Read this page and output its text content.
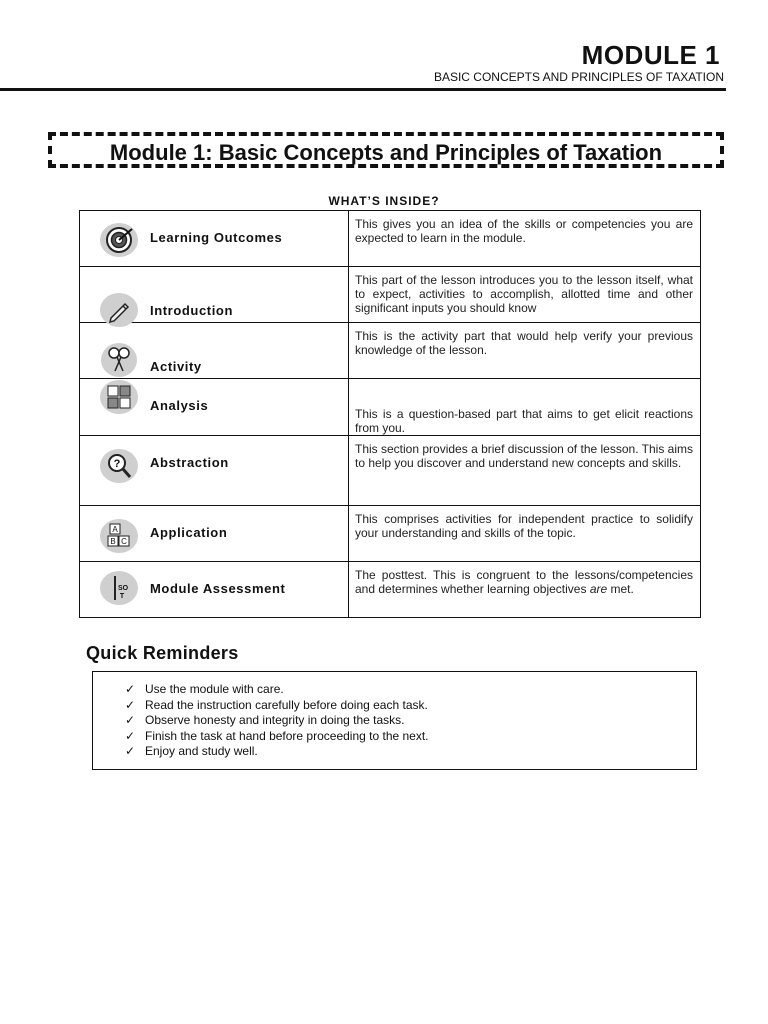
MODULE 1
BASIC CONCEPTS AND PRINCIPLES OF TAXATION
Module 1: Basic Concepts and Principles of Taxation
WHAT’S INSIDE?
Learning Outcomes	This gives you an idea of the skills or competencies you are expected to learn in the module.

Introduction	This part of the lesson introduces you to the lesson itself, what to expect, activities to accomplish, allotted time and other significant inputs you should know

Activity	This is the activity part that would help verify your previous knowledge of the lesson.

Analysis	This is a question-based part that aims to get elicit reactions from you.

? Abstraction	This section provides a brief discussion of the lesson. This aims to help you discover and understand new concepts and skills.

A
B C
Application	This comprises activities for independent practice to solidify your understanding and skills of the topic.

SO
T
Module Assessment	The posttest. This is congruent to the lessons/competencies and determines whether learning objectives are met.
Quick Reminders
✓ Use the module with care.
✓ Read the instruction carefully before doing each task.
✓ Observe honesty and integrity in doing the tasks.
✓ Finish the task at hand before proceeding to the next.
✓ Enjoy and study well.
